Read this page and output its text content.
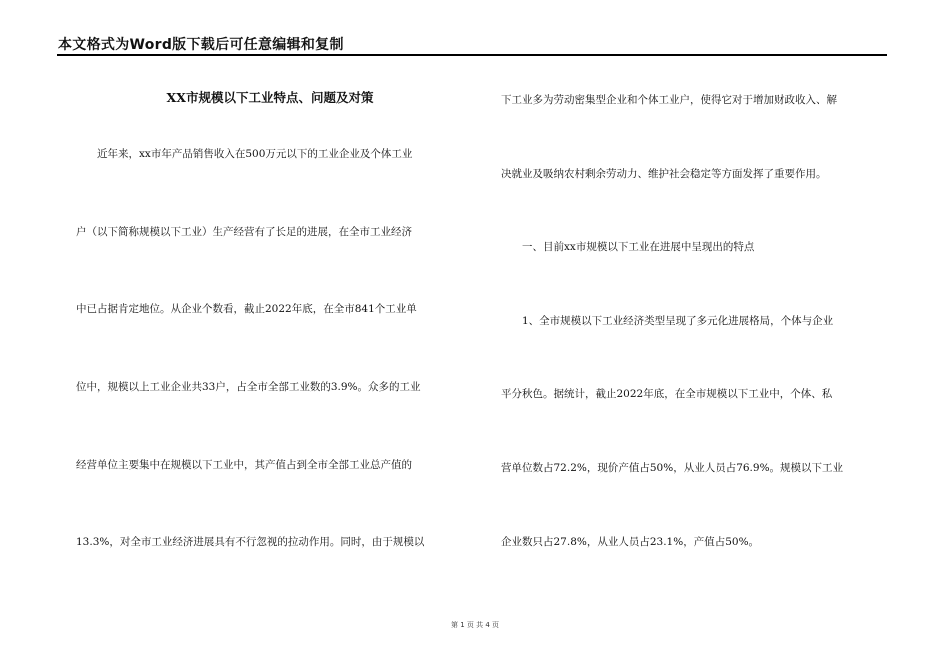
本文格式为Word版下载后可任意编辑和复制

XX市规模以下工业特点、问题及对策

近年来，xx市年产品销售收入在500万元以下的工业企业及个体工业

户（以下简称规模以下工业）生产经营有了长足的进展，在全市工业经济

中已占据肯定地位。从企业个数看，截止2022年底，在全市841个工业单

位中，规模以上工业企业共33户，占全市全部工业数的3.9%。众多的工业

经营单位主要集中在规模以下工业中，其产值占到全市全部工业总产值的

13.3%，对全市工业经济进展具有不行忽视的拉动作用。同时，由于规模以

下工业多为劳动密集型企业和个体工业户，使得它对于增加财政收入、解

决就业及吸纳农村剩余劳动力、维护社会稳定等方面发挥了重要作用。

一、目前xx市规模以下工业在进展中呈现出的特点

1、全市规模以下工业经济类型呈现了多元化进展格局，个体与企业

平分秋色。据统计，截止2022年底，在全市规模以下工业中，个体、私

营单位数占72.2%，现价产值占50%，从业人员占76.9%。规模以下工业

企业数只占27.8%，从业人员占23.1%，产值占50%。

第 1 页 共 4 页
